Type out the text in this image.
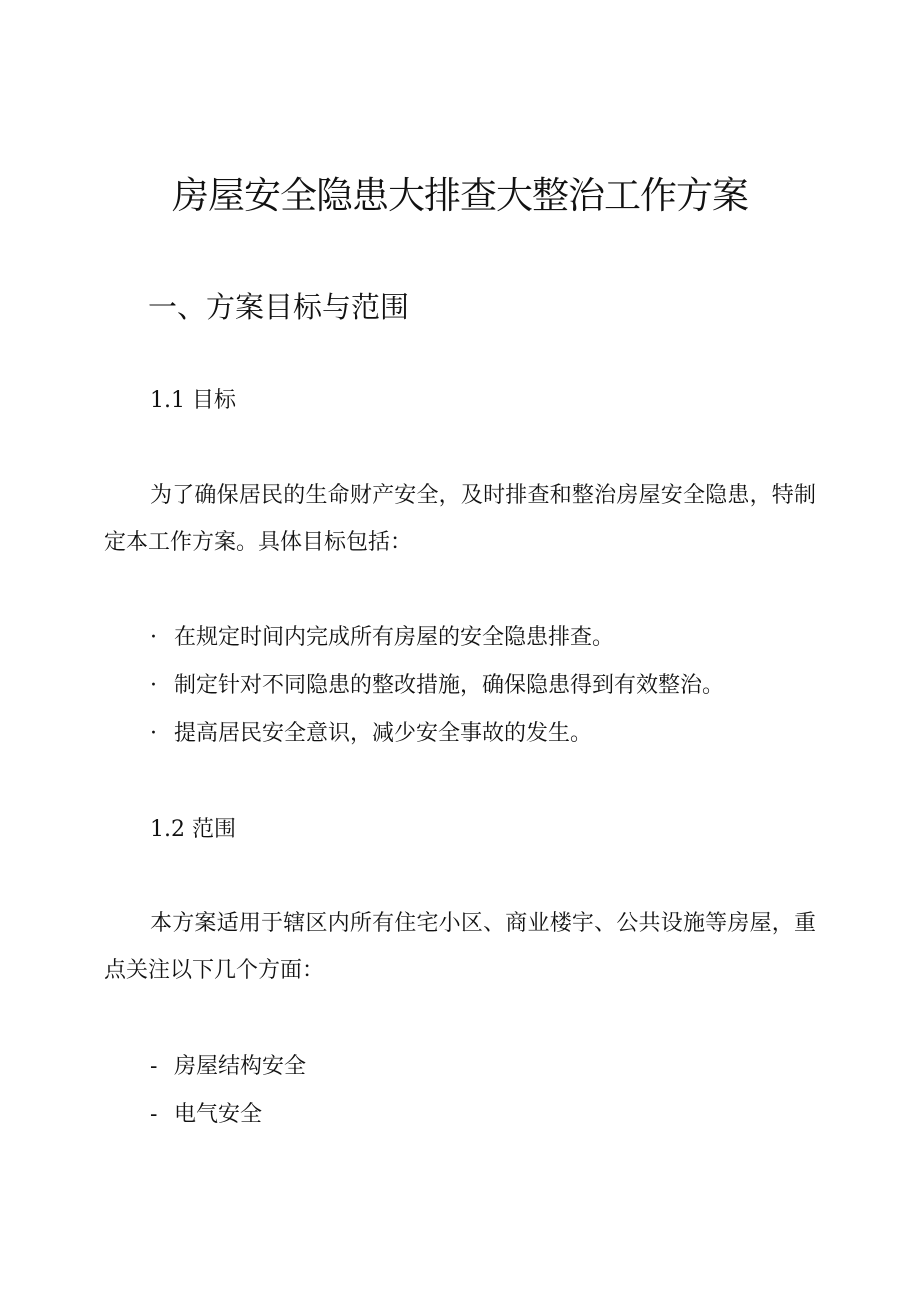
房屋安全隐患大排查大整治工作方案
一、方案目标与范围
1.1 目标

为了确保居民的生命财产安全，及时排查和整治房屋安全隐患，特制定本工作方案。具体目标包括：

· 在规定时间内完成所有房屋的安全隐患排查。
· 制定针对不同隐患的整改措施，确保隐患得到有效整治。
· 提高居民安全意识，减少安全事故的发生。
1.2 范围

本方案适用于辖区内所有住宅小区、商业楼宇、公共设施等房屋，重点关注以下几个方面：

- 房屋结构安全
- 电气安全
